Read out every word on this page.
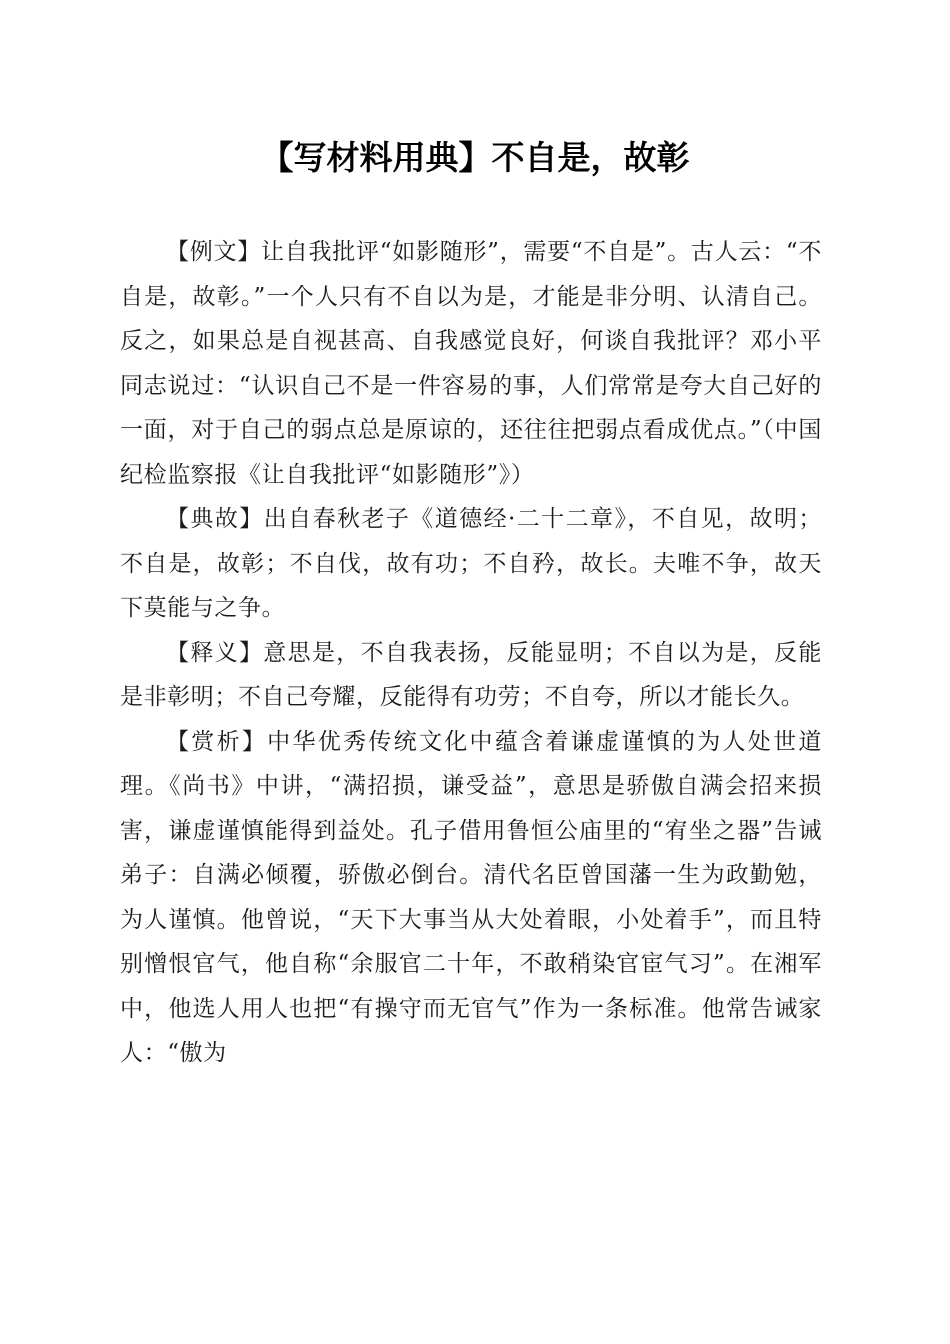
【写材料用典】不自是，故彰

【例文】让自我批评“如影随形”，需要“不自是”。古人云：“不自是，故彰。”一个人只有不自以为是，才能是非分明、认清自己。反之，如果总是自视甚高、自我感觉良好，何谈自我批评？邓小平同志说过：“认识自己不是一件容易的事，人们常常是夸大自己好的一面，对于自己的弱点总是原谅的，还往往把弱点看成优点。”（中国纪检监察报《让自我批评“如影随形”》）

【典故】出自春秋老子《道德经·二十二章》，不自见，故明；不自是，故彰；不自伐，故有功；不自矜，故长。夫唯不争，故天下莫能与之争。

【释义】意思是，不自我表扬，反能显明；不自以为是，反能是非彰明；不自己夸耀，反能得有功劳；不自夸，所以才能长久。

【赏析】中华优秀传统文化中蕴含着谦虚谨慎的为人处世道理。《尚书》中讲，“满招损，谦受益”，意思是骄傲自满会招来损害，谦虚谨慎能得到益处。孔子借用鲁恒公庙里的“宥坐之器”告诫弟子：自满必倾覆，骄傲必倒台。清代名臣曾国藩一生为政勤勉，为人谨慎。他曾说，“天下大事当从大处着眼，小处着手”，而且特别憎恨官气，他自称“余服官二十年，不敢稍染官宦气习”。在湘军中，他选人用人也把“有操守而无官气”作为一条标准。他常告诫家人：“傲为
